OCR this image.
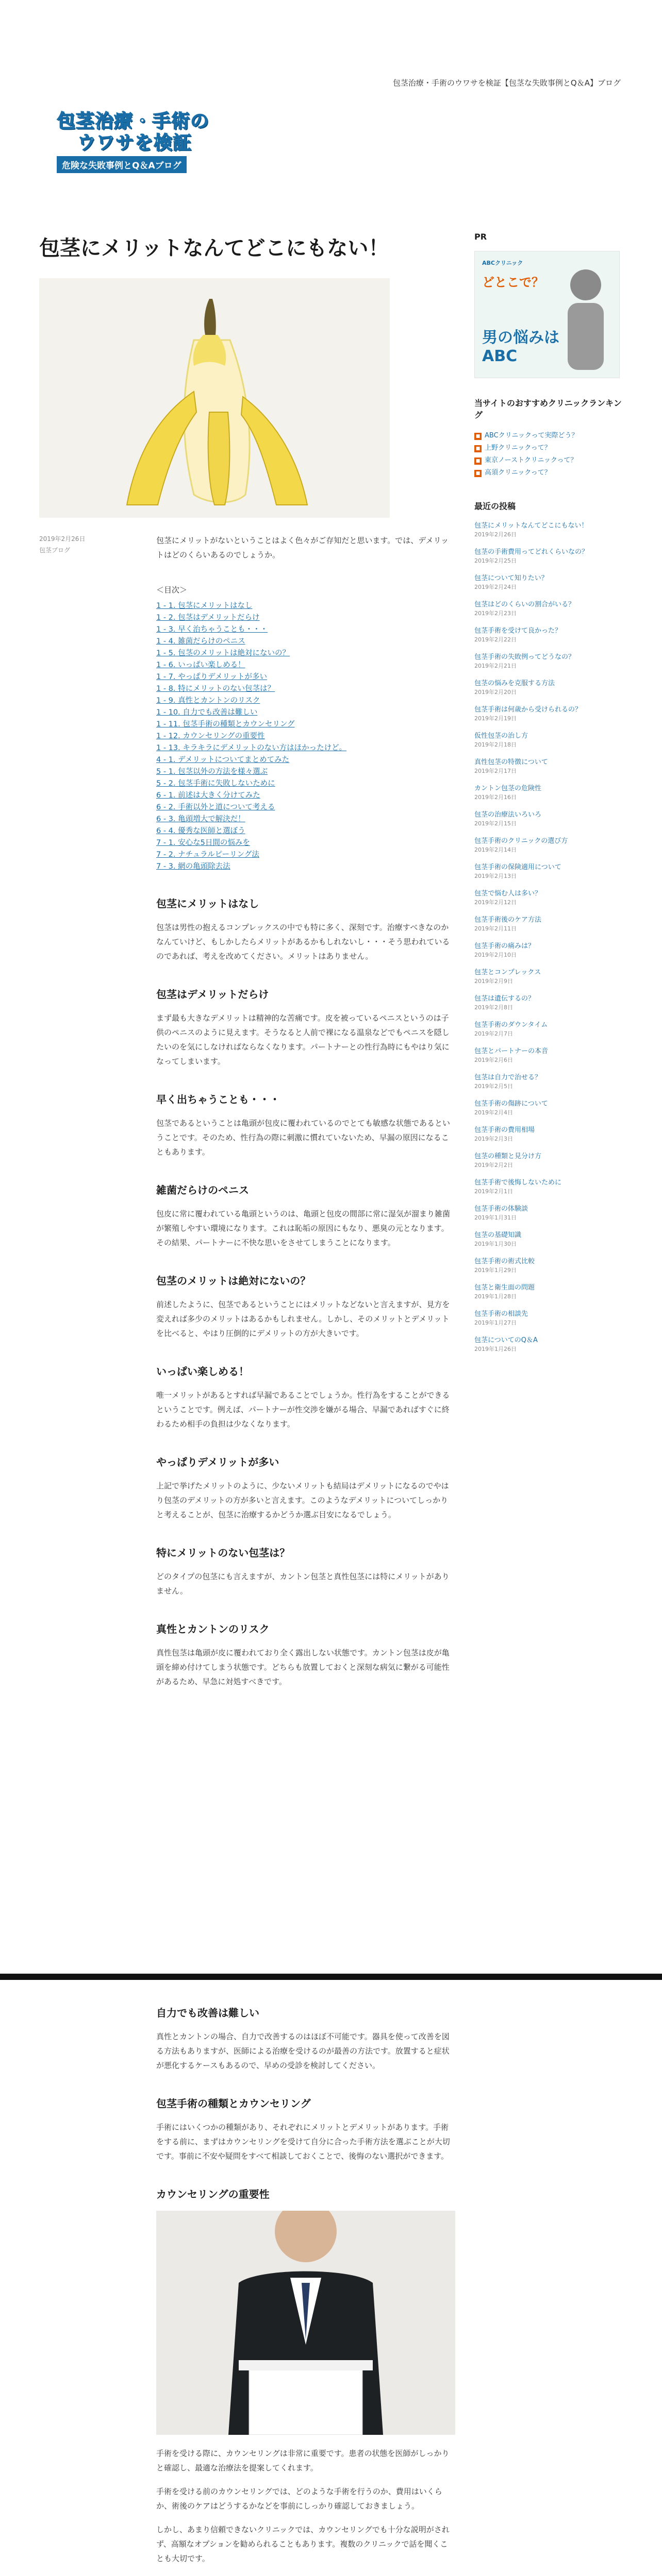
包茎治療・手術のウワサを検証【包茎な失敗事例とQ＆A】ブログ
包茎治療・手術の
ウワサを検証
危険な失敗事例とQ＆Aブログ
包茎にメリットなんてどこにもない！
2019年2月26日
包茎ブログ

包茎にメリットがないということはよく色々がご存知だと思います。では、デメリットはどのくらいあるのでしょうか。

＜目次＞
1 - 1. 包茎にメリットはなし
1 - 2. 包茎はデメリットだらけ
1 - 3. 早く治ちゃうことも・・・
1 - 4. 雑菌だらけのペニス
1 - 5. 包茎のメリットは絶対にないの？
1 - 6. いっぱい楽しめる！
1 - 7. やっぱりデメリットが多い
1 - 8. 特にメリットのない包茎は？
1 - 9. 真性とカントンのリスク
1 - 10. 自力でも改善は難しい
1 - 11. 包茎手術の種類とカウンセリング
1 - 12. カウンセリングの重要性
1 - 13. キラキラにデメリットのない方はほかったけど。
4 - 1. デメリットについてまとめてみた
5 - 1. 包茎以外の方法を様々選ぶ
5 - 2. 包茎手術に失敗しないために
6 - 1. 前述は大きく分けてみた
6 - 2. 手術以外と道について考える
6 - 3. 亀頭増大で解決だ！
6 - 4. 優秀な医師と選ぼう
7 - 1. 安心な5日間の悩みを
7 - 2. ナチュラルピーリング法
7 - 3. 網の亀頭除去法
包茎にメリットはなし

包茎は男性の抱えるコンプレックスの中でも特に多く、深刻です。治療すべきなのかなんていけど、もしかしたらメリットがあるかもしれないし・・・そう思われているのであれば、考えを改めてください。メリットはありません。

包茎はデメリットだらけ

まず最も大きなデメリットは精神的な苦痛です。皮を被っているペニスというのは子供のペニスのように見えます。そうなると人前で裸になる温泉などでもペニスを隠したいのを気にしなければならなくなります。パートナーとの性行為時にもやはり気になってしまいます。

早く出ちゃうことも・・・

包茎であるということは亀頭が包皮に覆われているのでとても敏感な状態であるということです。そのため、性行為の際に刺激に慣れていないため、早漏の原因になることもあります。

雑菌だらけのペニス

包皮に常に覆われている亀頭というのは、亀頭と包皮の間部に常に湿気が溜まり雑菌が繁殖しやすい環境になります。これは恥垢の原因にもなり、悪臭の元となります。その結果、パートナーに不快な思いをさせてしまうことになります。

包茎のメリットは絶対にないの？

前述したように、包茎であるということにはメリットなどないと言えますが、見方を変えれば多少のメリットはあるかもしれません。しかし、そのメリットとデメリットを比べると、やはり圧倒的にデメリットの方が大きいです。

いっぱい楽しめる！

唯一メリットがあるとすれば早漏であることでしょうか。性行為をすることができるということです。例えば、パートナーが性交渉を嫌がる場合、早漏であればすぐに終わるため相手の負担は少なくなります。

やっぱりデメリットが多い

上記で挙げたメリットのように、少ないメリットも結局はデメリットになるのでやはり包茎のデメリットの方が多いと言えます。このようなデメリットについてしっかりと考えることが、包茎に治療するかどうか選ぶ目安になるでしょう。

特にメリットのない包茎は？

どのタイプの包茎にも言えますが、カントン包茎と真性包茎には特にメリットがありません。

真性とカントンのリスク

真性包茎は亀頭が皮に覆われており全く露出しない状態です。カントン包茎は皮が亀頭を締め付けてしまう状態です。どちらも放置しておくと深刻な病気に繋がる可能性があるため、早急に対処すべきです。

PR
ABCクリニック
どとこで？
男の悩みはABC
当サイトのおすすめクリニックランキング
■ ABCクリニックって実際どう？
■ 上野クリニックって？
■ 東京ノーストクリニックって？
■ 高須クリニックって？
最近の投稿
包茎にメリットなんてどこにもない！
2019年2月26日
包茎の手術費用ってどれくらいなの？
2019年2月25日
包茎について知りたい？
2019年2月24日
包茎はどのくらいの割合がいる？
2019年2月23日
包茎手術を受けて良かった？
2019年2月22日
包茎手術の失敗例ってどうなの？
2019年2月21日
包茎の悩みを克服する方法
2019年2月20日
包茎手術は何歳から受けられるの？
2019年2月19日
仮性包茎の治し方
2019年2月18日
真性包茎の特徴について
2019年2月17日
カントン包茎の危険性
2019年2月16日
包茎の治療法いろいろ
2019年2月15日
包茎手術のクリニックの選び方
2019年2月14日
包茎手術の保険適用について
2019年2月13日
包茎で悩む人は多い？
2019年2月12日
包茎手術後のケア方法
2019年2月11日
包茎手術の痛みは？
2019年2月10日
包茎とコンプレックス
2019年2月9日
包茎は遺伝するの？
2019年2月8日
包茎手術のダウンタイム
2019年2月7日
包茎とパートナーの本音
2019年2月6日
包茎は自力で治せる？
2019年2月5日
包茎手術の傷跡について
2019年2月4日
包茎手術の費用相場
2019年2月3日
包茎の種類と見分け方
2019年2月2日
包茎手術で後悔しないために
2019年2月1日
包茎手術の体験談
2019年1月31日
包茎の基礎知識
2019年1月30日
包茎手術の術式比較
2019年1月29日
包茎と衛生面の問題
2019年1月28日
包茎手術の相談先
2019年1月27日
包茎についてのQ＆A
2019年1月26日
自力でも改善は難しい

真性とカントンの場合、自力で改善するのはほぼ不可能です。器具を使って改善を図る方法もありますが、医師による治療を受けるのが最善の方法です。放置すると症状が悪化するケースもあるので、早めの受診を検討してください。

包茎手術の種類とカウンセリング

手術にはいくつかの種類があり、それぞれにメリットとデメリットがあります。手術をする前に、まずはカウンセリングを受けて自分に合った手術方法を選ぶことが大切です。事前に不安や疑問をすべて相談しておくことで、後悔のない選択ができます。

カウンセリングの重要性

手術を受ける際に、カウンセリングは非常に重要です。患者の状態を医師がしっかりと確認し、最適な治療法を提案してくれます。

手術を受ける前のカウンセリングでは、どのような手術を行うのか、費用はいくらか、術後のケアはどうするかなどを事前にしっかり確認しておきましょう。

しかし、あまり信頼できないクリニックでは、カウンセリングでも十分な説明がされず、高額なオプションを勧められることもあります。複数のクリニックで話を聞くことも大切です。
